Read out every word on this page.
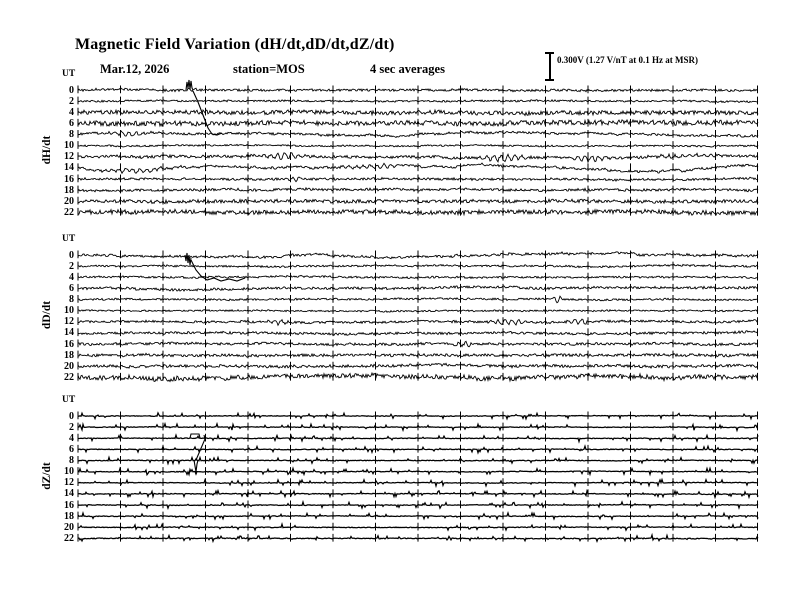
Magnetic Field Variation (dH/dt,dD/dt,dZ/dt)
Mar.12, 2026	station=MOS	4 sec averages
0.300V (1.27 V/nT at 0.1 Hz at MSR)
UT
dH/dt
0
2
4
6
8
10
12
14
16
18
20
22
UT
dD/dt
0
2
4
6
8
10
12
14
16
18
20
22
UT
dZ/dt
0
2
4
6
8
10
12
14
16
18
20
22
